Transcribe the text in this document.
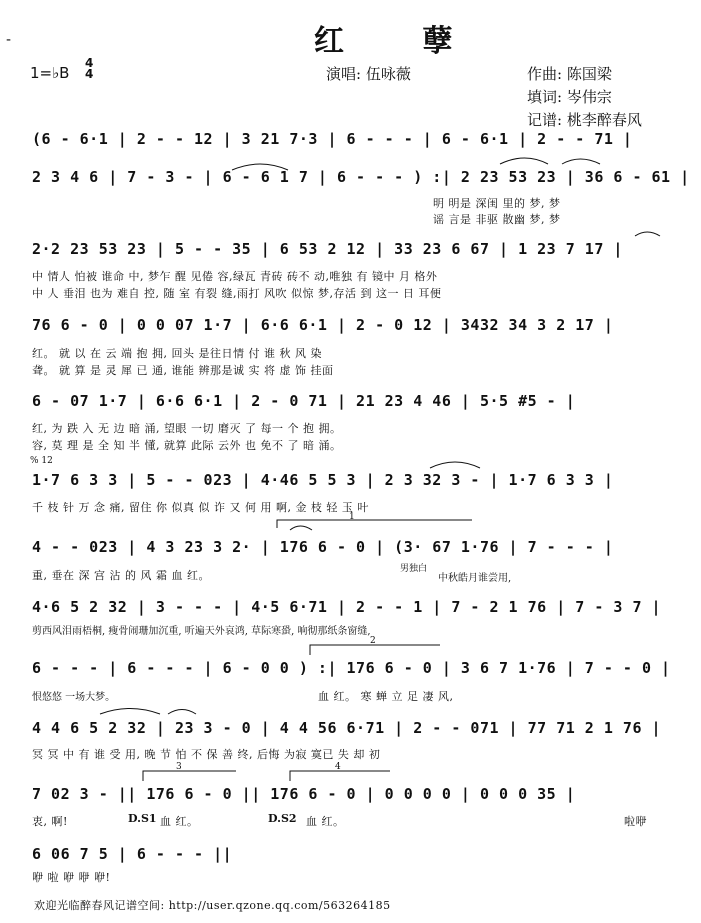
-	红 孽
1=♭B
4
4	演唱: 伍咏薇	作曲: 陈国梁
填词: 岑伟宗
记谱: 桃李醉春风
(6 - 6·1 | 2 - - 12 | 3 21 7·3 | 6 - - - | 6 - 6·1 | 2 - - 71 |
2 3 4 6 | 7 - 3 - | 6 - 6 1 7 | 6 - - - ) :| 2 23 53 23 | 36 6 - 61 |
明 明是 深闺 里的 梦, 梦
谣 言是 非驱 散幽 梦, 梦
2·2 23 53 23 | 5 - - 35 | 6 53 2 12 | 33 23 6 67 | 1 23 7 17 |
中 情人 怕被 谁命 中, 梦乍 醒 见倦 容,绿瓦 青砖 砖不 动,唯独 有 镜中 月 格外
中 人 垂泪 也为 难自 控, 随 室 有裂 缝,雨打 风吹 似惊 梦,存活 到 这一 日 耳便
76 6 - 0 | 0 0 07 1·7 | 6·6 6·1 | 2 - 0 12 | 3432 34 3 2 17 |
红。 就 以 在 云 端 抱 拥, 回头 是往日情 付 谁 秋 风 染
聋。 就 算 是 灵 犀 已 通, 谁能 辨那是诚 实 将 虚 饰 挂面
6 - 07 1·7 | 6·6 6·1 | 2 - 0 71 | 21 23 4 46 | 5·5 #5 - |
红, 为 跌 入 无 边 暗 涌, 望眼 一切 磨灭 了 每一 个 抱 拥。
容, 莫 理 是 全 知 半 懂, 就算 此际 云外 也 免不 了 暗 涌。
% 12
1·7 6 3 3 | 5 - - 023 | 4·46 5 5 3 | 2 3 32 3 - | 1·7 6 3 3 |
千 枝 针 万 念 痛, 留住 你 似真 似 诈 又 何 用 啊, 金 枝 轻 玉 叶
4 - - 023 | 4 3 23 3 2· | 176 6 - 0 | (3· 67 1·76 | 7 - - - |
重, 垂在 深 宫 沾 的 风 霜 血 红。	男独白
中秋皓月谁尝用,
1
4·6 5 2 32 | 3 - - - | 4·5 6·71 | 2 - - 1 | 7 - 2 1 76 | 7 - 3 7 |
剪西风泪雨梧桐, 瘦骨闹珊加沉重, 听遍天外哀鸿, 草际寒蛩, 响彻那纸条窗缝,
6 - - - | 6 - - - | 6 - 0 0 ) :| 176 6 - 0 | 3 6 7 1·76 | 7 - - 0 |
恨悠悠 一场大梦。	血 红。 寒 蝉 立 足 凄 风,
2
4 4 6 5 2 32 | 23 3 - 0 | 4 4 56 6·71 | 2 - - 071 | 77 71 2 1 76 |
冥 冥 中 有 谁 受 用, 晚 节 怕 不 保 善 终, 后悔 为寂 寞已 失 却 初
3	4
7 02 3 - || 176 6 - 0 || 176 6 - 0 | 0 0 0 0 | 0 0 0 35 |
衷, 啊!	D.S1 血 红。	D.S2 血 红。	啦咿
6 06 7 5 | 6 - - - ||
咿 啦 咿 咿 咿!
欢迎光临醉春风记谱空间: http://user.qzone.qq.com/563264185
